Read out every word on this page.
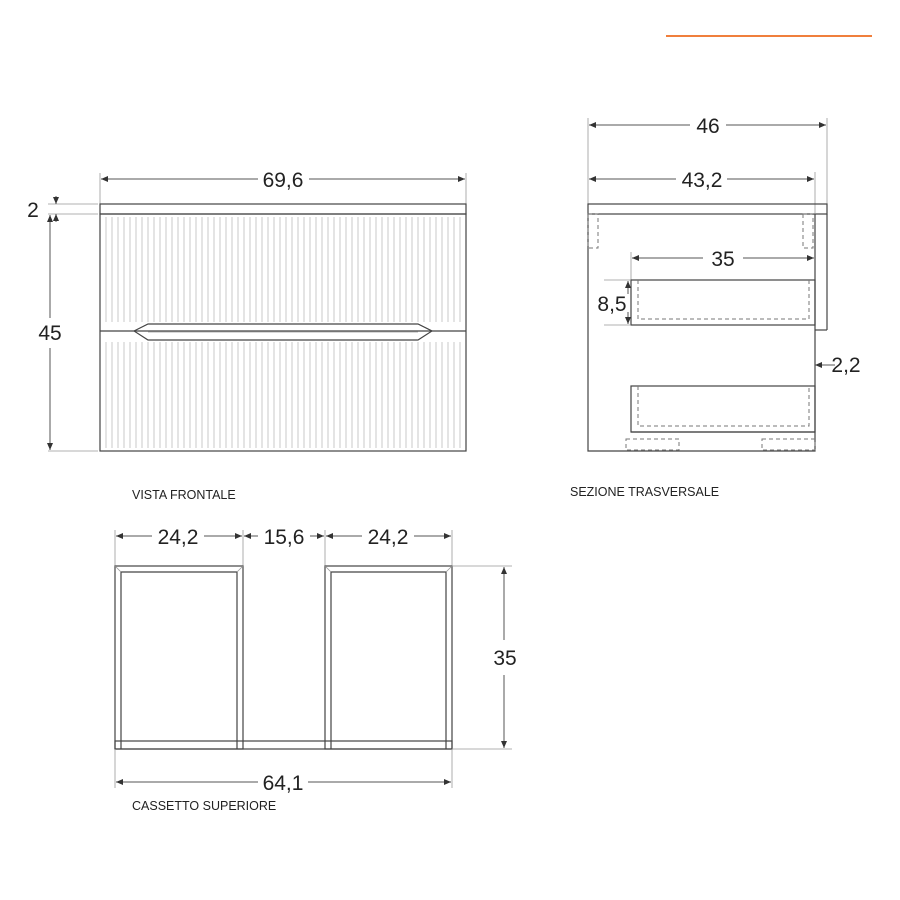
69,6
2
45
VISTA FRONTALE
46
43,2
35
8,5
2,2
SEZIONE TRASVERSALE
24,2	15,6	24,2
35
64,1
CASSETTO SUPERIORE
